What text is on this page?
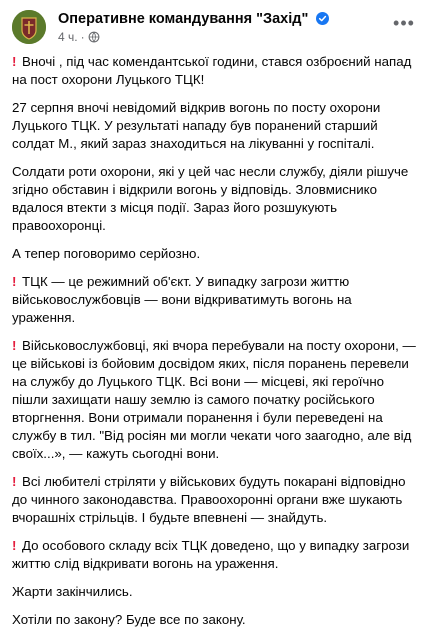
Оперативне командування "Захід"
4 ч. ·
•••
! Вночі , під час комендантської години, стався озброєний напад на пост охорони Луцького ТЦК!
27 серпня вночі невідомий відкрив вогонь по посту охорони Луцького ТЦК. У результаті нападу був поранений старший солдат М., який зараз знаходиться на лікуванні у госпіталі.
Солдати роти охорони, які у цей час несли службу, діяли рішуче згідно обставин і відкрили вогонь у відповідь. Зловмиснико вдалося втекти з місця події. Зараз його розшукують правоохоронці.
А тепер поговоримо серйозно.
! ТЦК — це режимний об'єкт. У випадку загрози життю військовослужбовців — вони відкриватимуть вогонь на ураження.
! Військовослужбовці, які вчора перебували на посту охорони, — це військові із бойовим досвідом яких, після поранень перевели на службу до Луцького ТЦК. Всі вони — місцеві, які героїчно пішли захищати нашу землю із самого початку російського вторгнення. Вони отримали поранення і були переведені на службу в тил. "Від росіян ми могли чекати чого заагодно, але від своїх...», — кажуть сьогодні вони.
! Всі любителі стріляти у військових будуть покарані відповідно до чинного законодавства. Правоохоронні органи вже шукають вчорашніх стрільців. І будьте впевнені — знайдуть.
! До особового складу всіх ТЦК доведено, що у випадку загрози життю слід відкривати вогонь на ураження.
Жарти закінчились.
Хотіли по закону? Буде все по закону.
